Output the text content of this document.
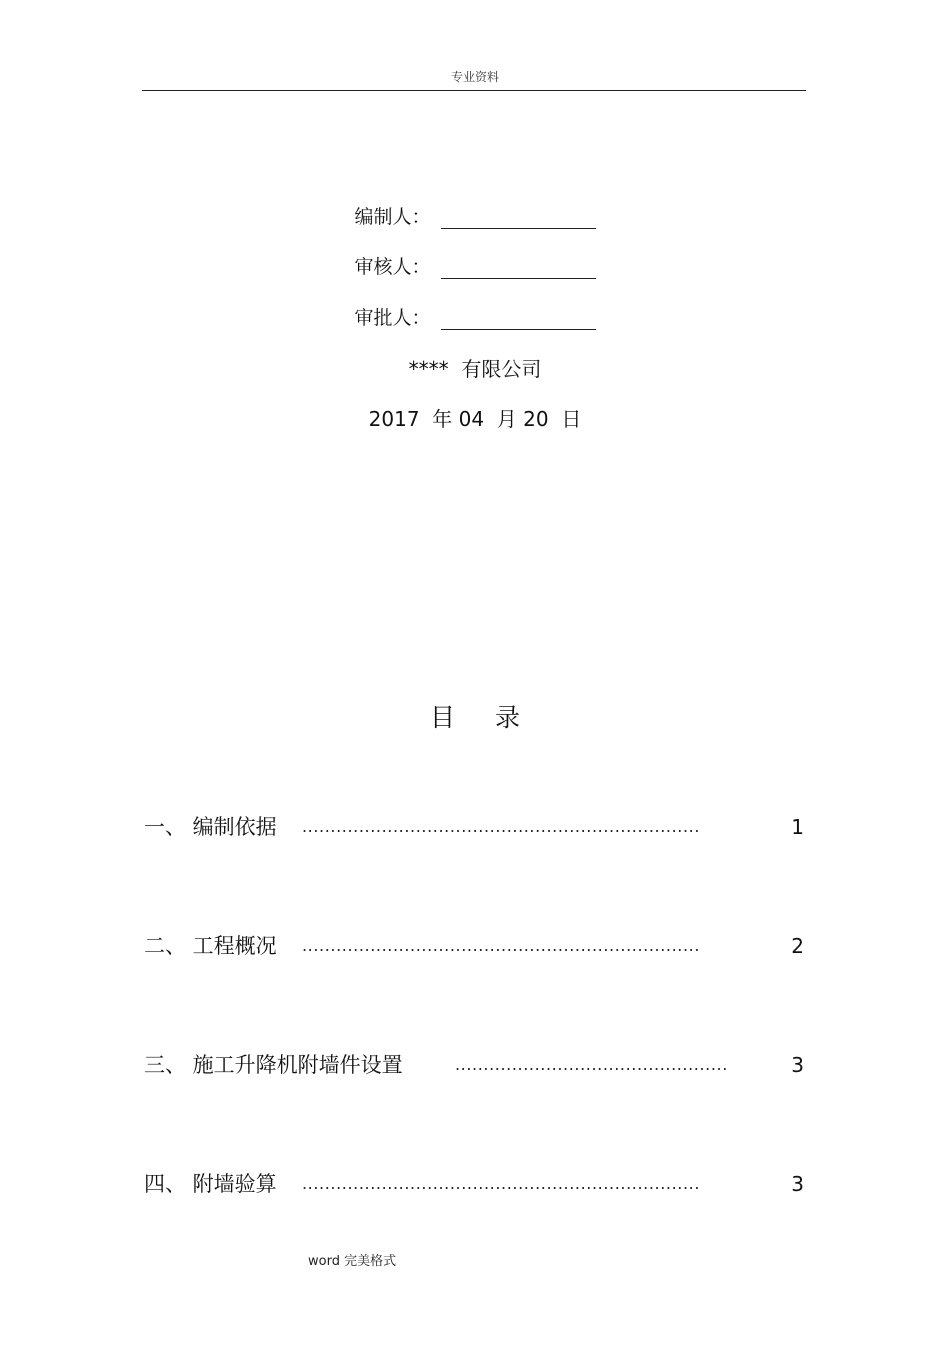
专业资料
编制人：
审核人：
审批人：
****  有限公司
2017  年 04  月 20  日
目 录
一、 编制依据 ......................................................................	1
二、 工程概况 ......................................................................	2
三、 施工升降机附墙件设置	................................................	3
四、 附墙验算 ......................................................................	3
word 完美格式
